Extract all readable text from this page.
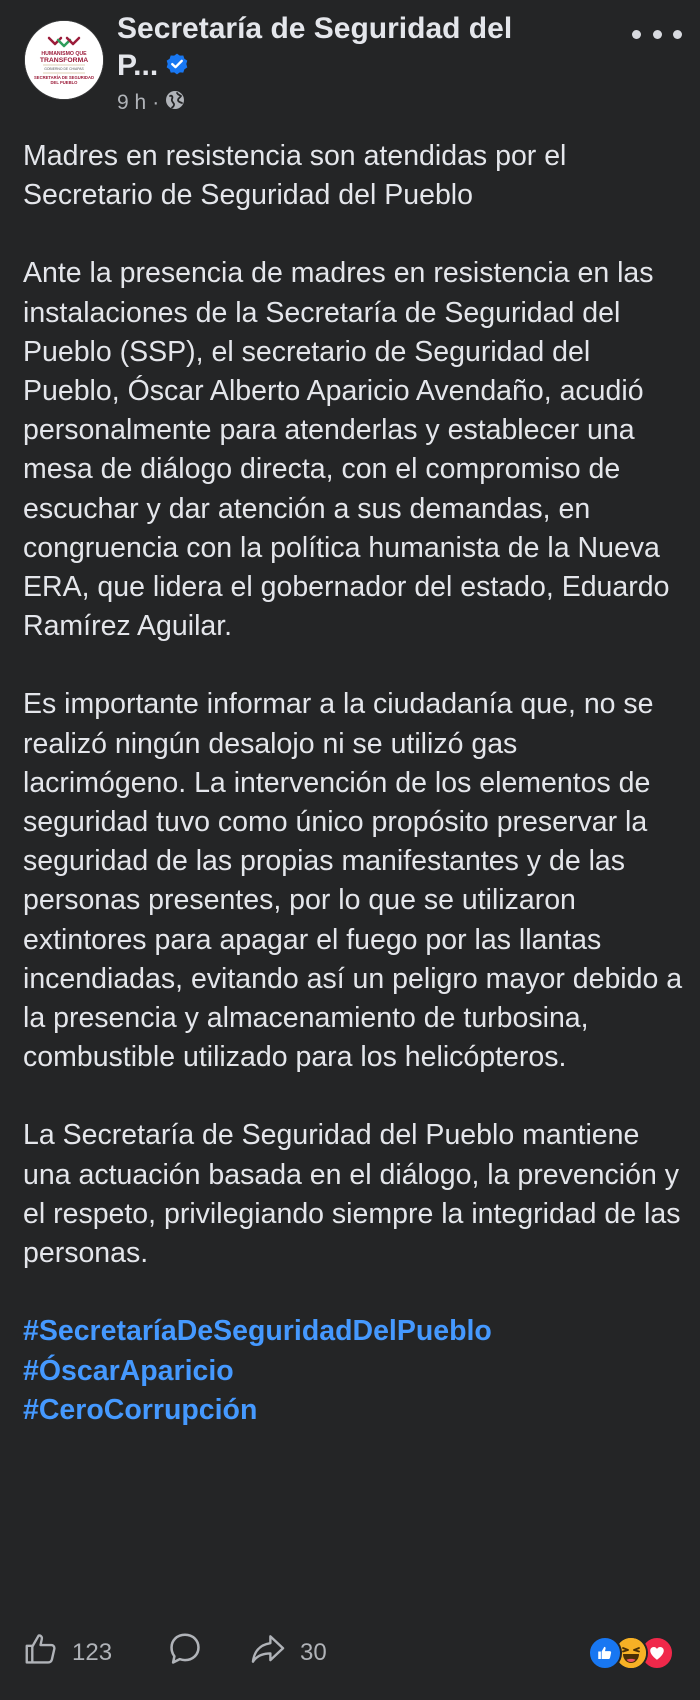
HUMANISMO QUE
TRANSFORMA
GOBIERNO DE CHIAPAS
SECRETARÍA DE SEGURIDAD
DEL PUEBLO
Secretaría de Seguridad del P...
9 h ·

Madres en resistencia son atendidas por el Secretario de Seguridad del Pueblo

Ante la presencia de madres en resistencia en las instalaciones de la Secretaría de Seguridad del Pueblo (SSP), el secretario de Seguridad del Pueblo, Óscar Alberto Aparicio Avendaño, acudió personalmente para atenderlas y establecer una mesa de diálogo directa, con el compromiso de escuchar y dar atención a sus demandas, en congruencia con la política humanista de la Nueva ERA, que lidera el gobernador del estado, Eduardo Ramírez Aguilar.

Es importante informar a la ciudadanía que, no se realizó ningún desalojo ni se utilizó gas lacrimógeno. La intervención de los elementos de seguridad tuvo como único propósito preservar la seguridad de las propias manifestantes y de las personas presentes, por lo que se utilizaron extintores para apagar el fuego por las llantas incendiadas, evitando así un peligro mayor debido a la presencia y almacenamiento de turbosina, combustible utilizado para los helicópteros.

La Secretaría de Seguridad del Pueblo mantiene una actuación basada en el diálogo, la prevención y el respeto, privilegiando siempre la integridad de las personas.

#SecretaríaDeSeguridadDelPueblo
#ÓscarAparicio
#CeroCorrupción
123	30
